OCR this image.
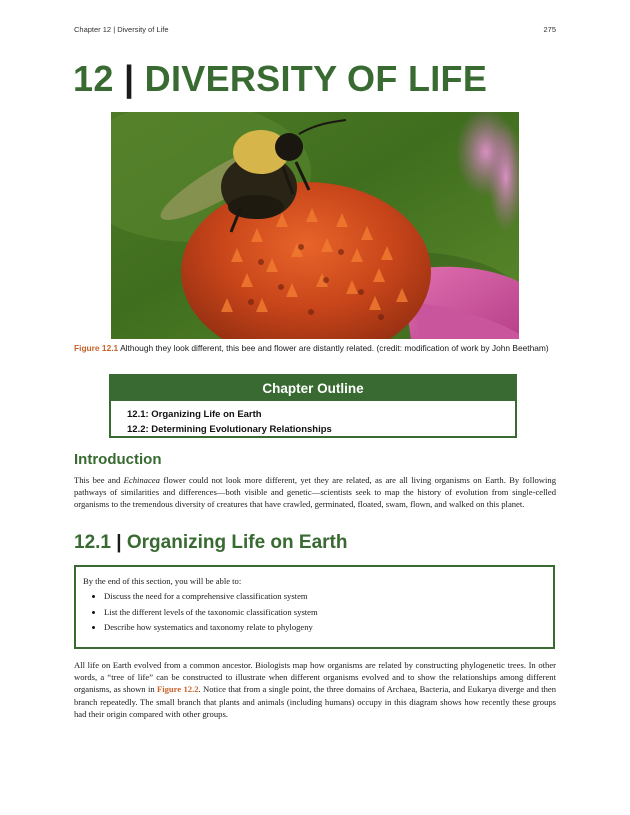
Chapter 12 | Diversity of Life	275
12 | DIVERSITY OF LIFE
Figure 12.1 Although they look different, this bee and flower are distantly related. (credit: modification of work by John Beetham)
Chapter Outline
12.1: Organizing Life on Earth
12.2: Determining Evolutionary Relationships
Introduction

This bee and Echinacea flower could not look more different, yet they are related, as are all living organisms on Earth. By following pathways of similarities and differences—both visible and genetic—scientists seek to map the history of evolution from single-celled organisms to the tremendous diversity of creatures that have crawled, germinated, floated, swam, flown, and walked on this planet.

12.1 | Organizing Life on Earth
By the end of this section, you will be able to:
• Discuss the need for a comprehensive classification system
• List the different levels of the taxonomic classification system
• Describe how systematics and taxonomy relate to phylogeny

All life on Earth evolved from a common ancestor. Biologists map how organisms are related by constructing phylogenetic trees. In other words, a “tree of life” can be constructed to illustrate when different organisms evolved and to show the relationships among different organisms, as shown in Figure 12.2. Notice that from a single point, the three domains of Archaea, Bacteria, and Eukarya diverge and then branch repeatedly. The small branch that plants and animals (including humans) occupy in this diagram shows how recently these groups had their origin compared with other groups.
